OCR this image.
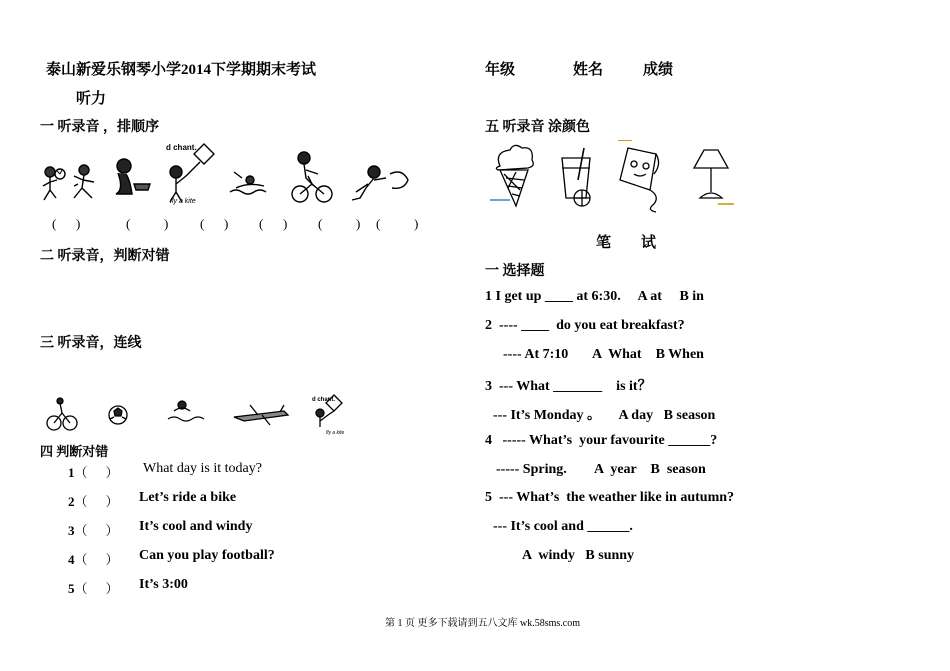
泰山新爱乐钢琴小学2014下学期期末考试
听力
年级	姓名	成绩
一 听录音 ，排顺序
d chant.
fly a kite
( )	(	) ( ) ( ) (	) (	)
二 听录音，判断对错
三 听录音，连线
d chant.
fly a kite
四 判断对错
1（ ） What day is it today?
2（ ） Let’s ride a bike
3（ ） It’s cool and windy
4（ ） Can you play football?
5（ ） It’s 3:00
五 听录音 涂颜色
笔        试
一 选择题
1 I get up ____ at 6:30.     A at     B in
2  ---- ____  do you eat breakfast?
---- At 7:10       A  What    B When
3  --- What _______    is it？
--- It’s Monday 。     A day   B season
4   ----- What’s  your favourite ______?
----- Spring.        A  year    B  season
5  --- What’s  the weather like in autumn?
--- It’s cool and ______.
A  windy   B sunny
第 1 页 更多下载请到五八文库 wk.58sms.com
